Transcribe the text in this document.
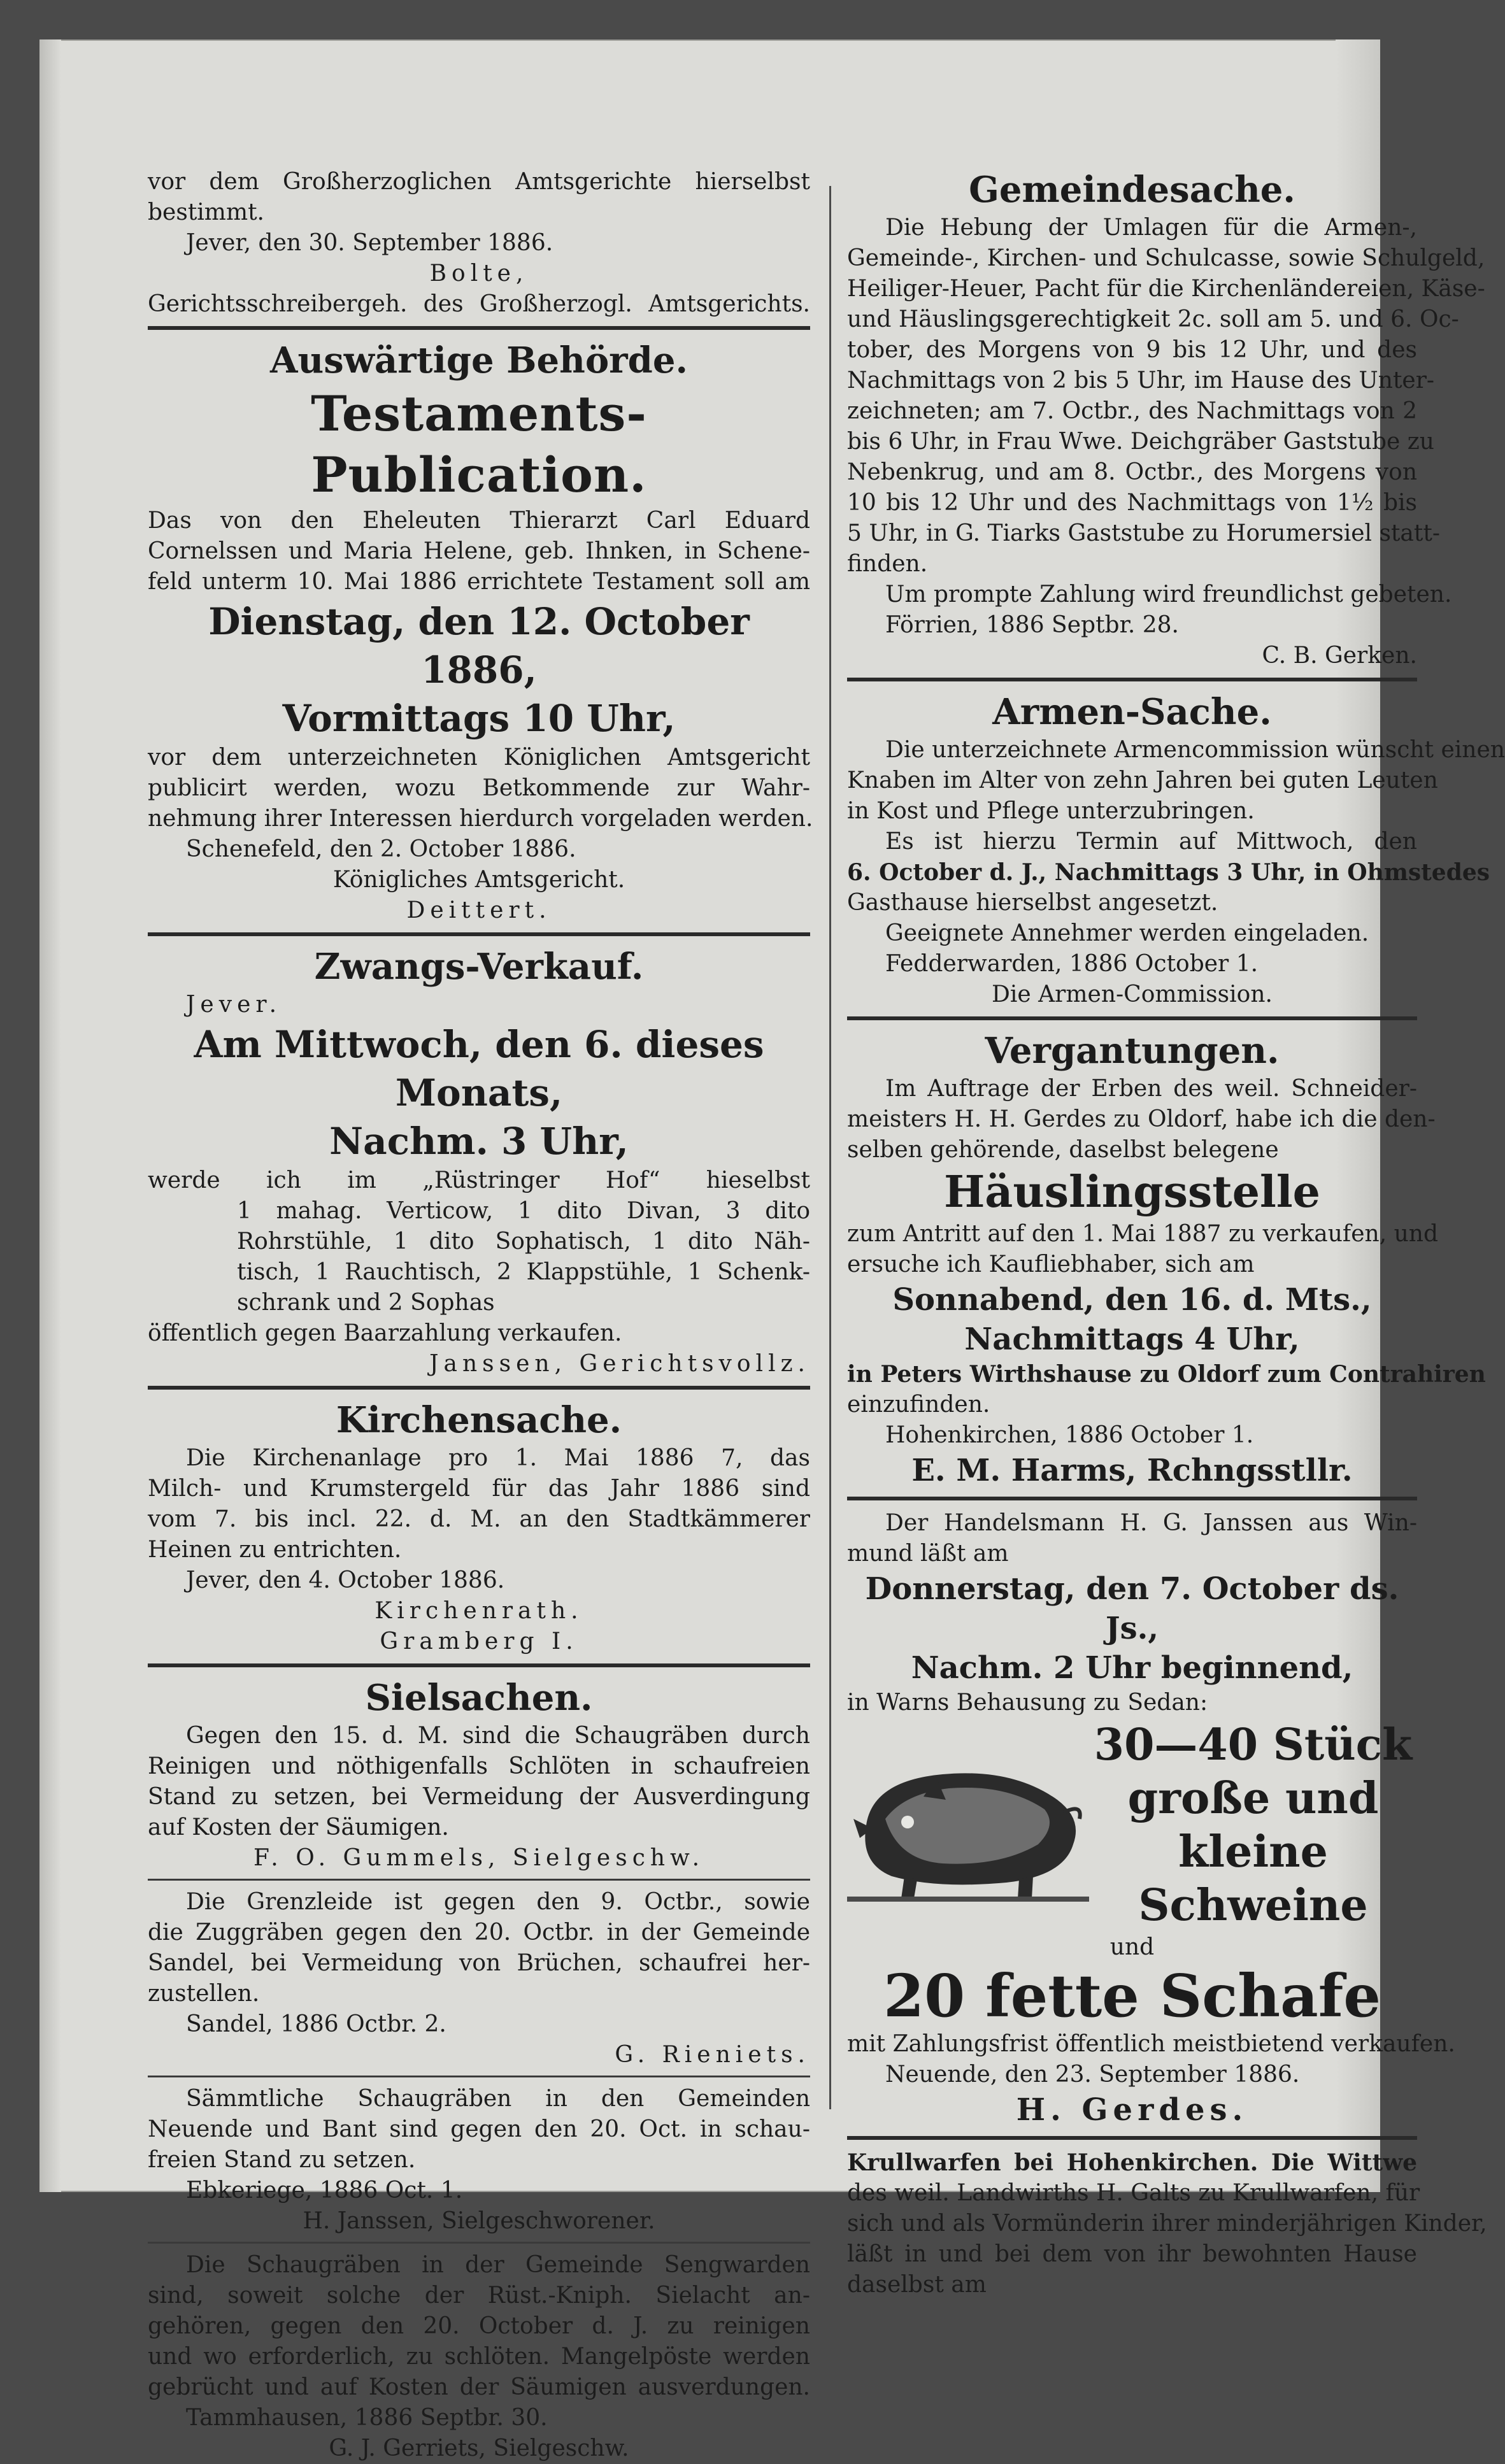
vor dem Großherzoglichen Amtsgerichte hierselbst

bestimmt.

Jever, den 30. September 1886.

Bolte,

Gerichtsschreibergeh. des Großherzogl. Amtsgerichts.

Auswärtige Behörde.

Testaments-Publication.

Das von den Eheleuten Thierarzt Carl Eduard

Cornelssen und Maria Helene, geb. Ihnken, in Schene-

feld unterm 10. Mai 1886 errichtete Testament soll am

Dienstag, den 12. October 1886,

Vormittags 10 Uhr,

vor dem unterzeichneten Königlichen Amtsgericht

publicirt werden, wozu Betkommende zur Wahr-

nehmung ihrer Interessen hierdurch vorgeladen werden.

Schenefeld, den 2. October 1886.

Königliches Amtsgericht.

Deittert.

Zwangs-Verkauf.

Jever.

Am Mittwoch, den 6. dieses Monats,

Nachm. 3 Uhr,

werde ich im „Rüstringer Hof“ hieselbst

1 mahag. Verticow, 1 dito Divan, 3 dito

Rohrstühle, 1 dito Sophatisch, 1 dito Näh-

tisch, 1 Rauchtisch, 2 Klappstühle, 1 Schenk-

schrank und 2 Sophas

öffentlich gegen Baarzahlung verkaufen.

Janssen, Gerichtsvollz.

Kirchensache.

Die Kirchenanlage pro 1. Mai 1886 7, das

Milch- und Krumstergeld für das Jahr 1886 sind

vom 7. bis incl. 22. d. M. an den Stadtkämmerer

Heinen zu entrichten.

Jever, den 4. October 1886.

Kirchenrath.

Gramberg I.

Sielsachen.

Gegen den 15. d. M. sind die Schaugräben durch

Reinigen und nöthigenfalls Schlöten in schaufreien

Stand zu setzen, bei Vermeidung der Ausverdingung

auf Kosten der Säumigen.

F. O. Gummels, Sielgeschw.

Die Grenzleide ist gegen den 9. Octbr., sowie

die Zuggräben gegen den 20. Octbr. in der Gemeinde

Sandel, bei Vermeidung von Brüchen, schaufrei her-

zustellen.

Sandel, 1886 Octbr. 2.

G. Rieniets.

Sämmtliche Schaugräben in den Gemeinden

Neuende und Bant sind gegen den 20. Oct. in schau-

freien Stand zu setzen.

Ebkeriege, 1886 Oct. 1.

H. Janssen, Sielgeschworener.

Die Schaugräben in der Gemeinde Sengwarden

sind, soweit solche der Rüst.-Kniph. Sielacht an-

gehören, gegen den 20. October d. J. zu reinigen

und wo erforderlich, zu schlöten. Mangelpöste werden

gebrücht und auf Kosten der Säumigen ausverdungen.

Tammhausen, 1886 Septbr. 30.

G. J. Gerriets, Sielgeschw.

Gemeindesache.

Die Hebung der Umlagen für die Armen-,

Gemeinde-, Kirchen- und Schulcasse, sowie Schulgeld,

Heiliger-Heuer, Pacht für die Kirchenländereien, Käse-

und Häuslingsgerechtigkeit 2c. soll am 5. und 6. Oc-

tober, des Morgens von 9 bis 12 Uhr, und des

Nachmittags von 2 bis 5 Uhr, im Hause des Unter-

zeichneten; am 7. Octbr., des Nachmittags von 2

bis 6 Uhr, in Frau Wwe. Deichgräber Gaststube zu

Nebenkrug, und am 8. Octbr., des Morgens von

10 bis 12 Uhr und des Nachmittags von 1½ bis

5 Uhr, in G. Tiarks Gaststube zu Horumersiel statt-

finden.

Um prompte Zahlung wird freundlichst gebeten.

Förrien, 1886 Septbr. 28.

C. B. Gerken.

Armen-Sache.

Die unterzeichnete Armencommission wünscht einen

Knaben im Alter von zehn Jahren bei guten Leuten

in Kost und Pflege unterzubringen.

Es ist hierzu Termin auf Mittwoch, den

6. October d. J., Nachmittags 3 Uhr, in Ohmstedes

Gasthause hierselbst angesetzt.

Geeignete Annehmer werden eingeladen.

Fedderwarden, 1886 October 1.

Die Armen-Commission.

Vergantungen.

Im Auftrage der Erben des weil. Schneider-

meisters H. H. Gerdes zu Oldorf, habe ich die den-

selben gehörende, daselbst belegene

Häuslingsstelle

zum Antritt auf den 1. Mai 1887 zu verkaufen, und

ersuche ich Kaufliebhaber, sich am

Sonnabend, den 16. d. Mts.,

Nachmittags 4 Uhr,

in Peters Wirthshause zu Oldorf zum Contrahiren

einzufinden.

Hohenkirchen, 1886 October 1.

E. M. Harms, Rchngsstllr.

Der Handelsmann H. G. Janssen aus Win-

mund läßt am

Donnerstag, den 7. October ds. Js.,

Nachm. 2 Uhr beginnend,

in Warns Behausung zu Sedan:

30—40 Stück

große und kleine

Schweine

und

20 fette Schafe

mit Zahlungsfrist öffentlich meistbietend verkaufen.

Neuende, den 23. September 1886.

H. Gerdes.

Krullwarfen bei Hohenkirchen. Die Wittwe

des weil. Landwirths H. Galts zu Krullwarfen, für

sich und als Vormünderin ihrer minderjährigen Kinder,

läßt in und bei dem von ihr bewohnten Hause

daselbst am
